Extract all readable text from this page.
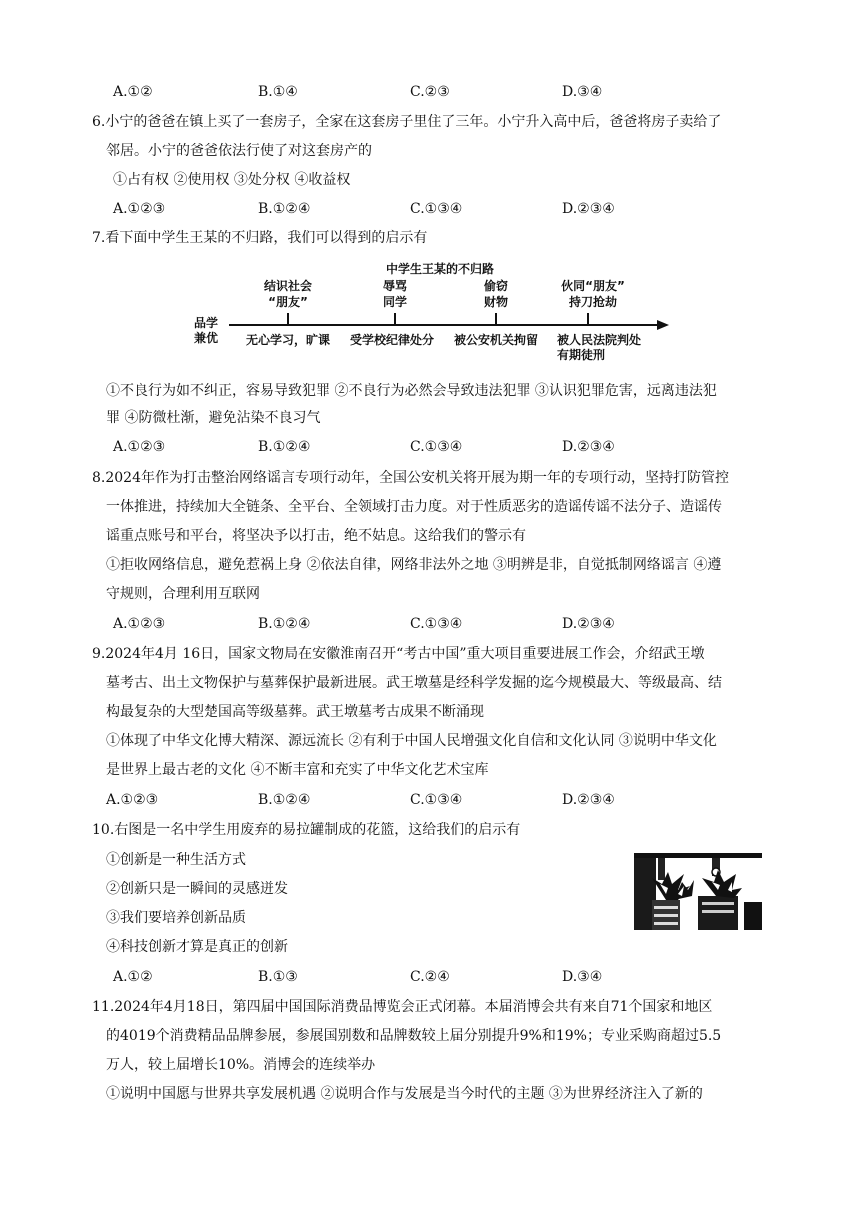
A.①②	B.①④	C.②③	D.③④
6.小宁的爸爸在镇上买了一套房子，全家在这套房子里住了三年。小宁升入高中后，爸爸将房子卖给了
邻居。小宁的爸爸依法行使了对这套房产的
①占有权 ②使用权 ③处分权 ④收益权
A.①②③	B.①②④	C.①③④	D.②③④
7.看下面中学生王某的不归路，我们可以得到的启示有
中学生王某的不归路
品学
兼优
结识社会
“朋友”
辱骂
同学
偷窃
财物
伙同“朋友”
持刀抢劫
无心学习，旷课	受学校纪律处分	被公安机关拘留	被人民法院判处
有期徒刑
①不良行为如不纠正，容易导致犯罪 ②不良行为必然会导致违法犯罪 ③认识犯罪危害，远离违法犯
罪 ④防微杜渐，避免沾染不良习气
A.①②③	B.①②④	C.①③④	D.②③④
8.2024年作为打击整治网络谣言专项行动年，全国公安机关将开展为期一年的专项行动，坚持打防管控
一体推进，持续加大全链条、全平台、全领域打击力度。对于性质恶劣的造谣传谣不法分子、造谣传
谣重点账号和平台，将坚决予以打击，绝不姑息。这给我们的警示有
①拒收网络信息，避免惹祸上身 ②依法自律，网络非法外之地 ③明辨是非，自觉抵制网络谣言 ④遵
守规则，合理利用互联网
A.①②③	B.①②④	C.①③④	D.②③④
9.2024年4月 16日，国家文物局在安徽淮南召开“考古中国”重大项目重要进展工作会，介绍武王墩
墓考古、出土文物保护与墓葬保护最新进展。武王墩墓是经科学发掘的迄今规模最大、等级最高、结
构最复杂的大型楚国高等级墓葬。武王墩墓考古成果不断涌现
①体现了中华文化博大精深、源远流长 ②有利于中国人民增强文化自信和文化认同 ③说明中华文化
是世界上最古老的文化 ④不断丰富和充实了中华文化艺术宝库
A.①②③	B.①②④	C.①③④	D.②③④
10.右图是一名中学生用废弃的易拉罐制成的花篮，这给我们的启示有
①创新是一种生活方式
②创新只是一瞬间的灵感迸发
③我们要培养创新品质
④科技创新才算是真正的创新
A.①②	B.①③	C.②④	D.③④
11.2024年4月18日，第四届中国国际消费品博览会正式闭幕。本届消博会共有来自71个国家和地区
的4019个消费精品品牌参展，参展国别数和品牌数较上届分别提升9%和19%；专业采购商超过5.5
万人，较上届增长10%。消博会的连续举办
①说明中国愿与世界共享发展机遇 ②说明合作与发展是当今时代的主题 ③为世界经济注入了新的
